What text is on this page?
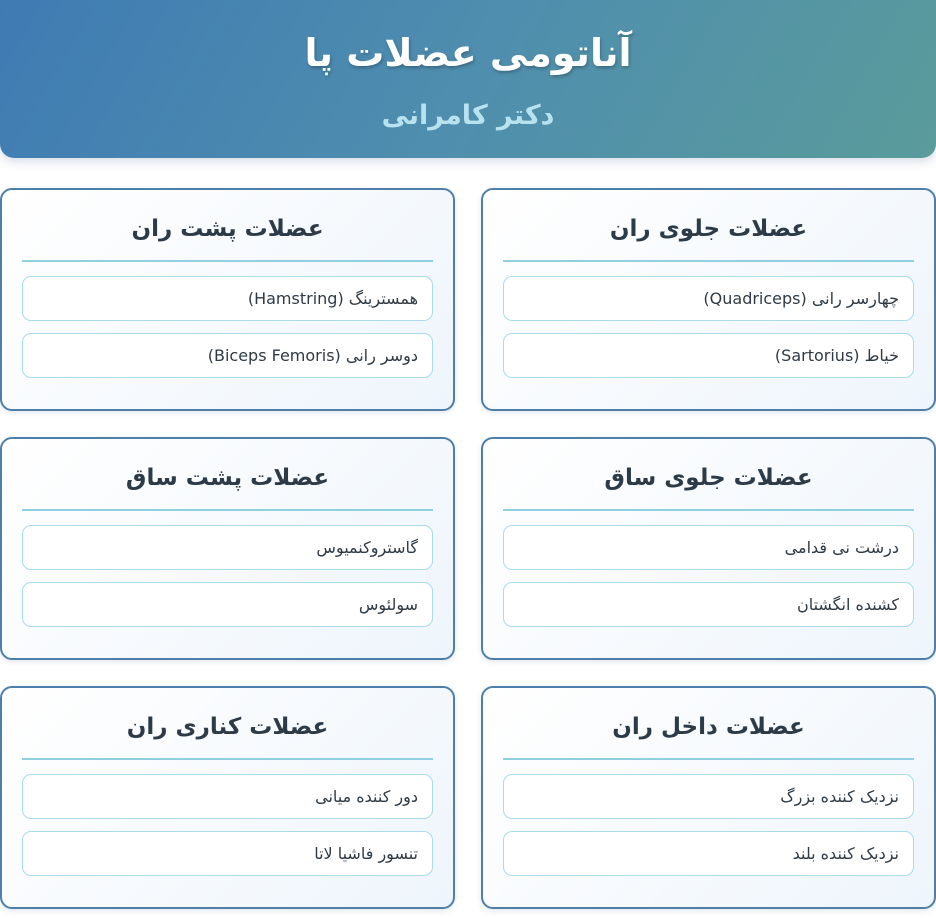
آناتومی عضلات پا
دکتر کامرانی
عضلات جلوی ران
چهارسر رانی (Quadriceps)
خیاط (Sartorius)
عضلات پشت ران
همسترینگ (Hamstring)
دوسر رانی (Biceps Femoris)
عضلات جلوی ساق
درشت نی قدامی
کشنده انگشتان
عضلات پشت ساق
گاستروکنمیوس
سولئوس
عضلات داخل ران
نزدیک کننده بزرگ
نزدیک کننده بلند
عضلات کناری ران
دور کننده میانی
تنسور فاشیا لاتا
